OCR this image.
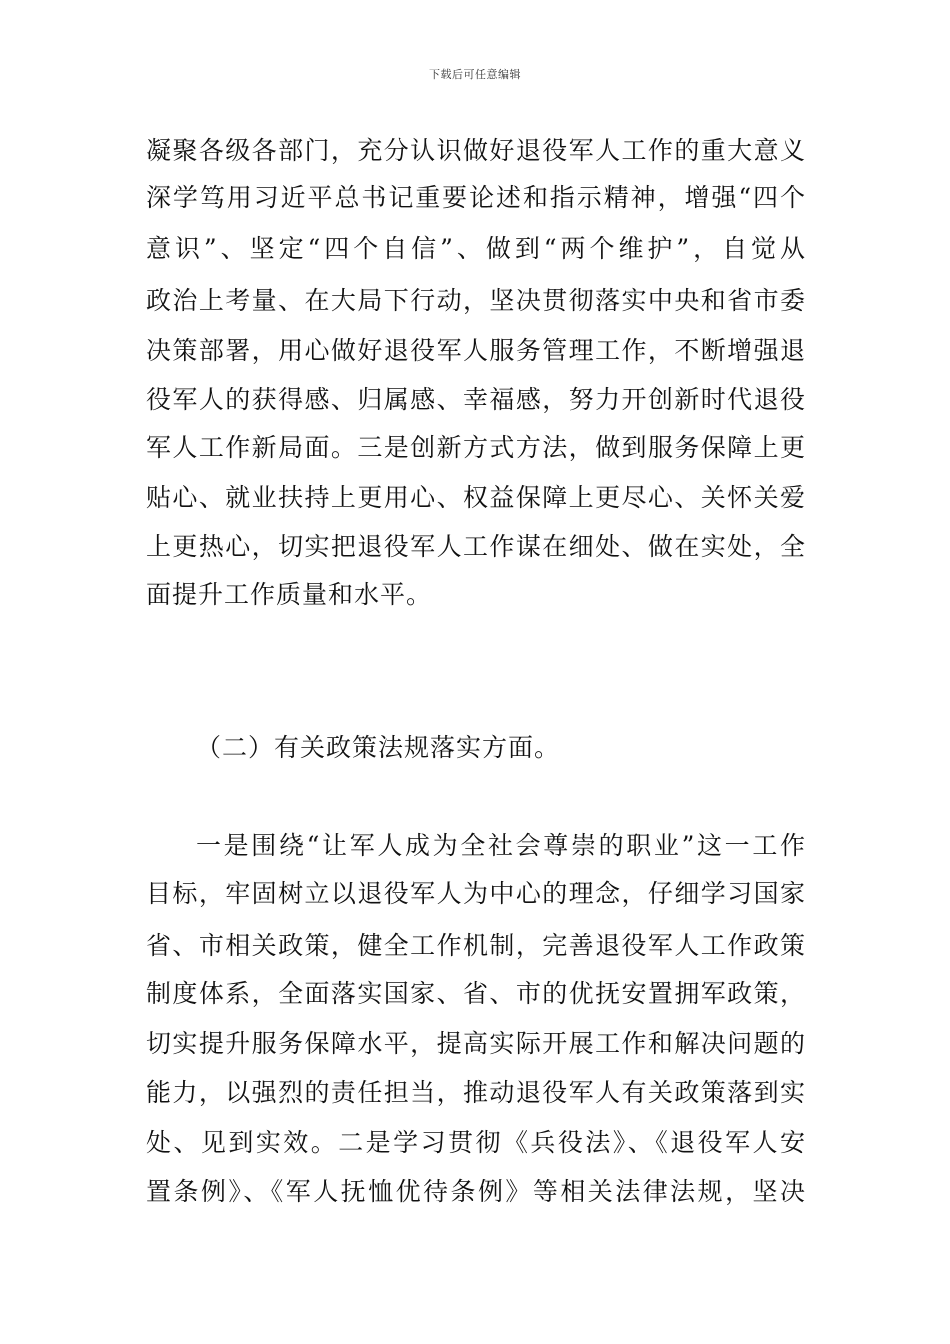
下载后可任意编辑
凝聚各级各部门，充分认识做好退役军人工作的重大意义
深学笃用习近平总书记重要论述和指示精神，增强“四个
意识”、坚定“四个自信”、做到“两个维护”，自觉从
政治上考量、在大局下行动，坚决贯彻落实中央和省市委
决策部署，用心做好退役军人服务管理工作，不断增强退
役军人的获得感、归属感、幸福感，努力开创新时代退役
军人工作新局面。三是创新方式方法，做到服务保障上更
贴心、就业扶持上更用心、权益保障上更尽心、关怀关爱
上更热心，切实把退役军人工作谋在细处、做在实处，全
面提升工作质量和水平。
（二）有关政策法规落实方面。
一是围绕“让军人成为全社会尊崇的职业”这一工作
目标，牢固树立以退役军人为中心的理念，仔细学习国家
省、市相关政策，健全工作机制，完善退役军人工作政策
制度体系，全面落实国家、省、市的优抚安置拥军政策，
切实提升服务保障水平，提高实际开展工作和解决问题的
能力，以强烈的责任担当，推动退役军人有关政策落到实
处、见到实效。二是学习贯彻《兵役法》、《退役军人安
置条例》、《军人抚恤优待条例》等相关法律法规，坚决
